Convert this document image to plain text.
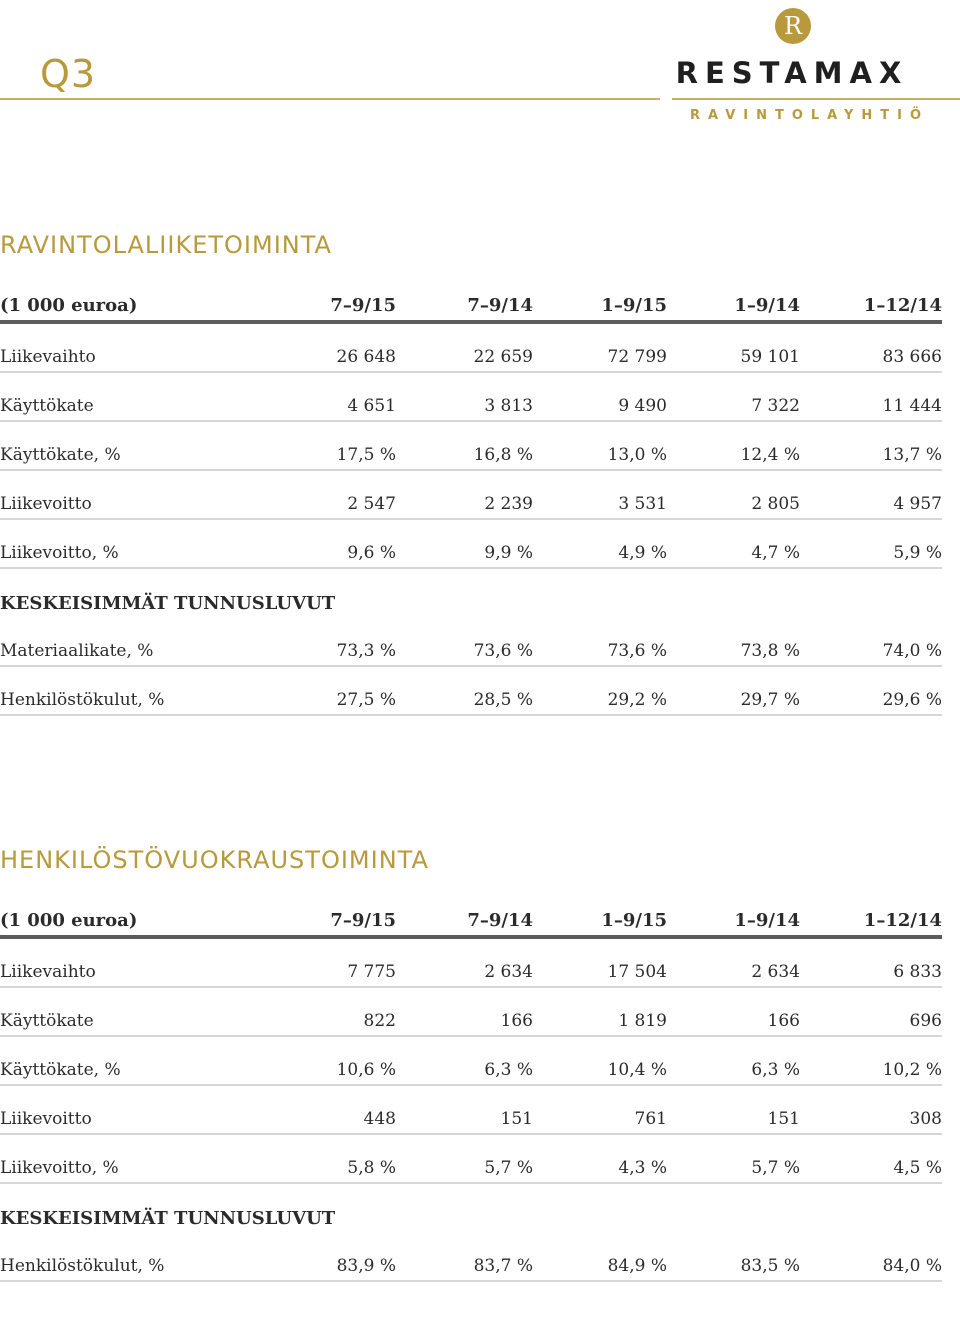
Q3
R
RESTAMAX
RAVINTOLAYHTIÖ
RAVINTOLALIIKETOIMINTA
(1 000 euroa)	7–9/15	7–9/14	1–9/15	1–9/14	1–12/14
Liikevaihto	26 648	22 659	72 799	59 101	83 666
Käyttökate	4 651	3 813	9 490	7 322	11 444
Käyttökate, %	17,5 %	16,8 %	13,0 %	12,4 %	13,7 %
Liikevoitto	2 547	2 239	3 531	2 805	4 957
Liikevoitto, %	9,6 %	9,9 %	4,9 %	4,7 %	5,9 %
KESKEISIMMÄT TUNNUSLUVUT
Materiaalikate, %	73,3 %	73,6 %	73,6 %	73,8 %	74,0 %
Henkilöstökulut, %	27,5 %	28,5 %	29,2 %	29,7 %	29,6 %
HENKILÖSTÖVUOKRAUSTOIMINTA
(1 000 euroa)	7–9/15	7–9/14	1–9/15	1–9/14	1–12/14
Liikevaihto	7 775	2 634	17 504	2 634	6 833
Käyttökate	822	166	1 819	166	696
Käyttökate, %	10,6 %	6,3 %	10,4 %	6,3 %	10,2 %
Liikevoitto	448	151	761	151	308
Liikevoitto, %	5,8 %	5,7 %	4,3 %	5,7 %	4,5 %
KESKEISIMMÄT TUNNUSLUVUT
Henkilöstökulut, %	83,9 %	83,7 %	84,9 %	83,5 %	84,0 %
